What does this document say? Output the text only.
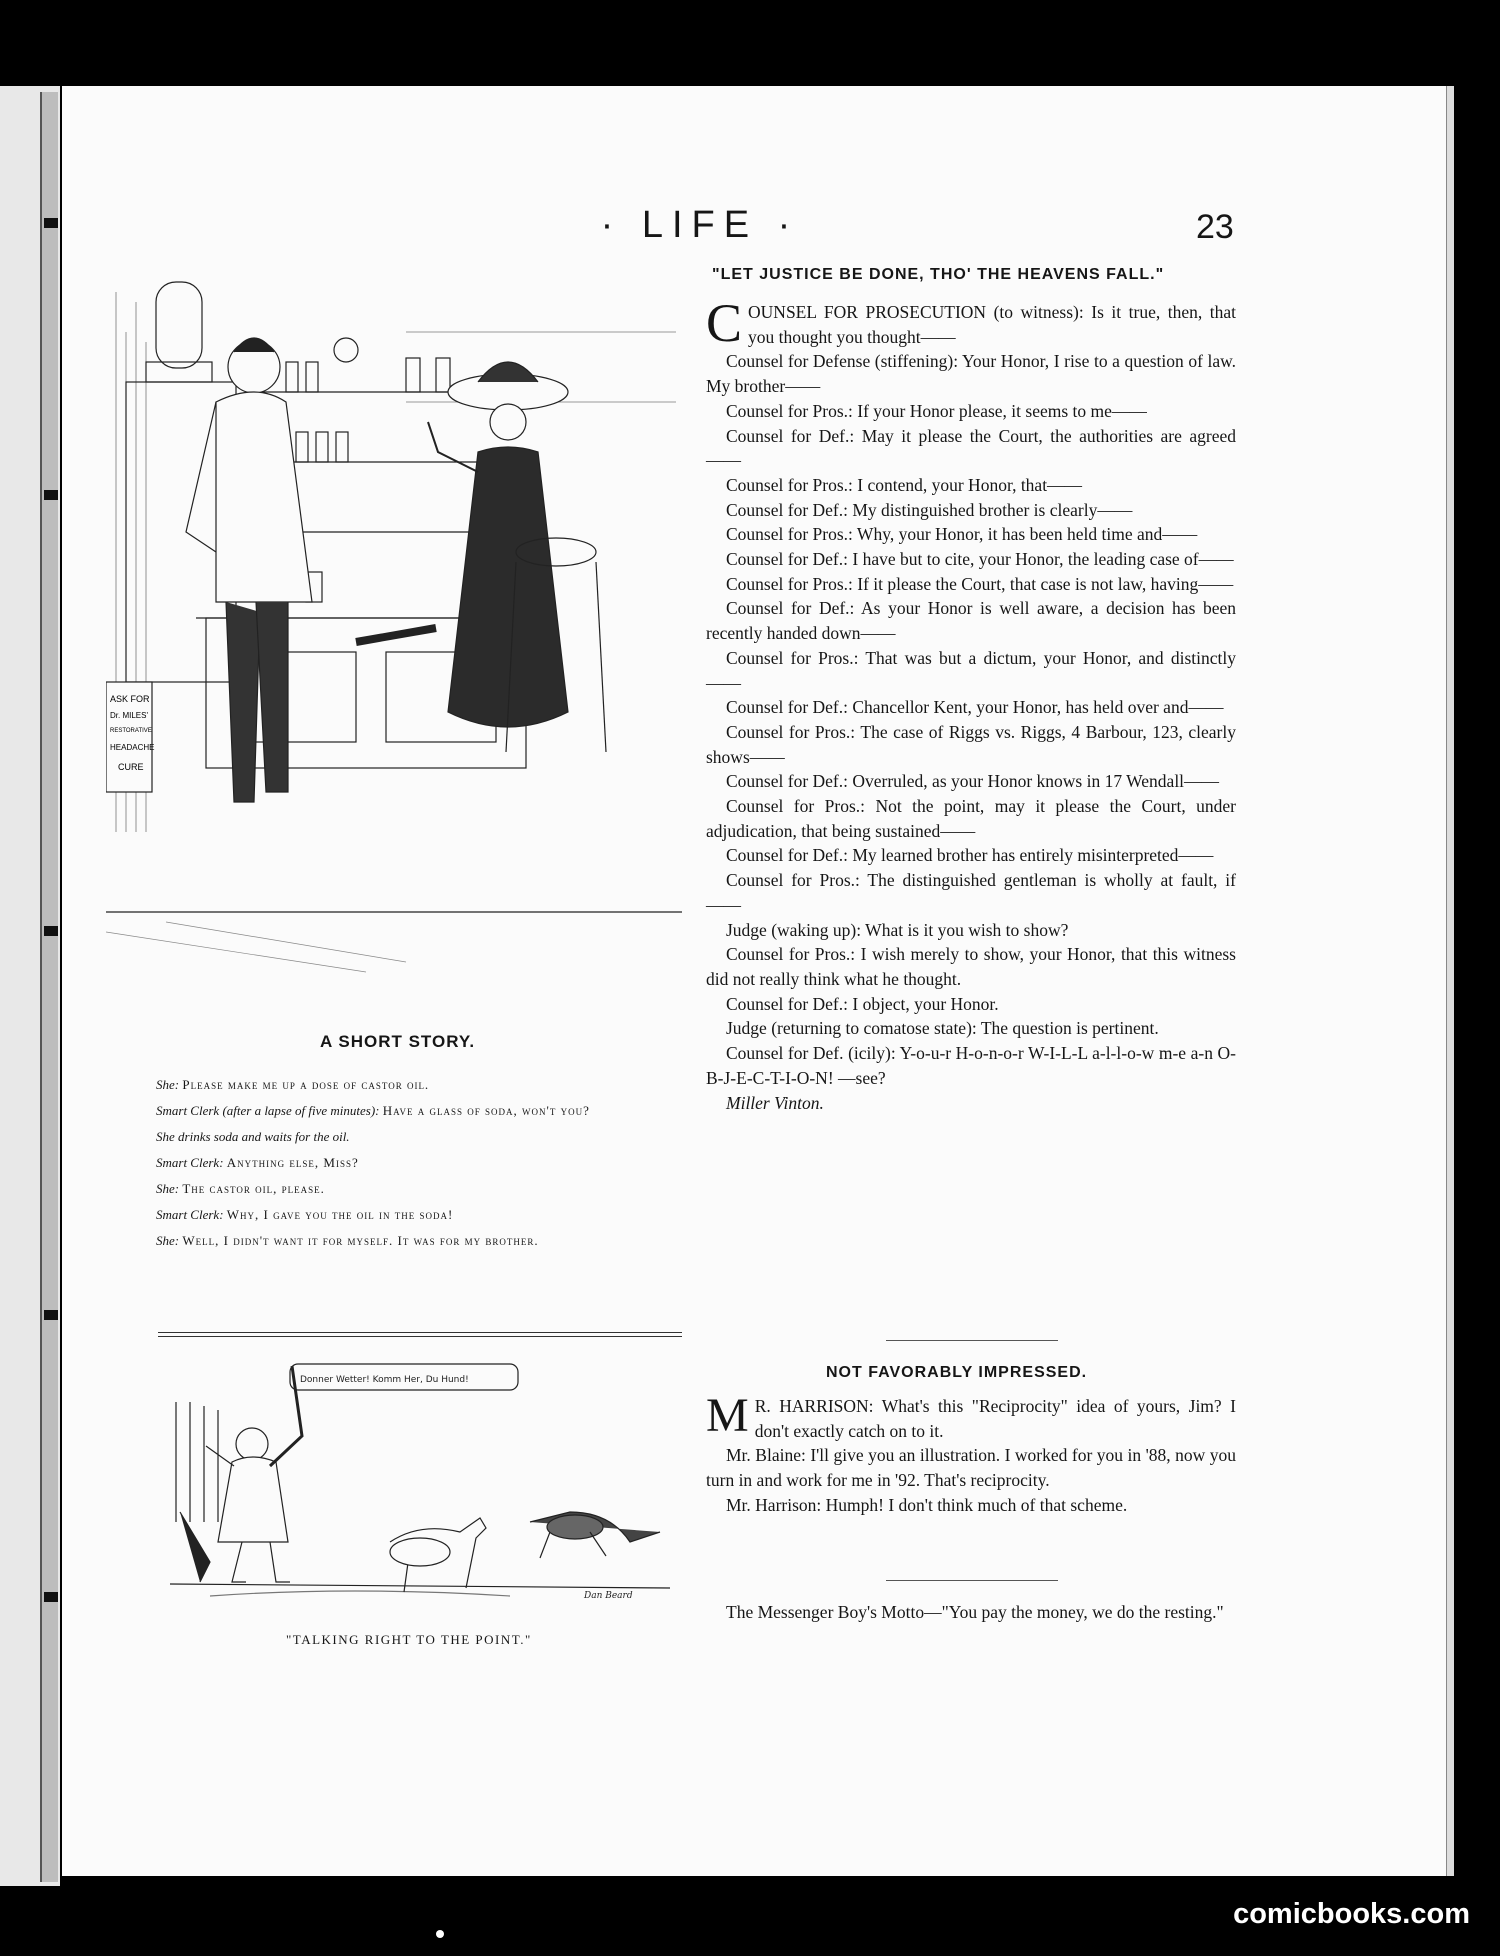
· LIFE ·	23
ASK FOR
Dr. MILES'
RESTORATIVE
HEADACHE
CURE
A SHORT STORY.

She: Please make me up a dose of castor oil.

Smart Clerk (after a lapse of five minutes): Have a glass of soda, won't you?

She drinks soda and waits for the oil.

Smart Clerk: Anything else, Miss?

She: The castor oil, please.

Smart Clerk: Why, I gave you the oil in the soda!

She: Well, I didn't want it for myself. It was for my brother.

Donner Wetter! Komm Her, Du Hund!
Dan Beard
"TALKING RIGHT TO THE POINT."
"LET JUSTICE BE DONE, THO' THE HEAVENS FALL."

COUNSEL FOR PROSECUTION (to witness): Is it true, then, that you thought you thought——

Counsel for Defense (stiffening): Your Honor, I rise to a question of law. My brother——

Counsel for Pros.: If your Honor please, it seems to me——

Counsel for Def.: May it please the Court, the authorities are agreed——

Counsel for Pros.: I contend, your Honor, that——

Counsel for Def.: My distinguished brother is clearly——

Counsel for Pros.: Why, your Honor, it has been held time and——

Counsel for Def.: I have but to cite, your Honor, the leading case of——

Counsel for Pros.: If it please the Court, that case is not law, having——

Counsel for Def.: As your Honor is well aware, a decision has been recently handed down——

Counsel for Pros.: That was but a dictum, your Honor, and distinctly——

Counsel for Def.: Chancellor Kent, your Honor, has held over and——

Counsel for Pros.: The case of Riggs vs. Riggs, 4 Barbour, 123, clearly shows——

Counsel for Def.: Overruled, as your Honor knows in 17 Wendall——

Counsel for Pros.: Not the point, may it please the Court, under adjudication, that being sustained——

Counsel for Def.: My learned brother has entirely misinterpreted——

Counsel for Pros.: The distinguished gentleman is wholly at fault, if——

Judge (waking up): What is it you wish to show?

Counsel for Pros.: I wish merely to show, your Honor, that this witness did not really think what he thought.

Counsel for Def.: I object, your Honor.

Judge (returning to comatose state): The question is pertinent.

Counsel for Def. (icily): Y-o-u-r H-o-n-o-r W-I-L-L a-l-l-o-w m-e a-n O-B-J-E-C-T-I-O-N! —see?

Miller Vinton.

NOT FAVORABLY IMPRESSED.

M R. HARRISON: What's this "Reciprocity" idea of yours, Jim? I don't exactly catch on to it.

Mr. Blaine: I'll give you an illustration. I worked for you in '88, now you turn in and work for me in '92. That's reciprocity.

Mr. Harrison: Humph! I don't think much of that scheme.

The Messenger Boy's Motto—"You pay the money, we do the resting."

comicbooks.com
